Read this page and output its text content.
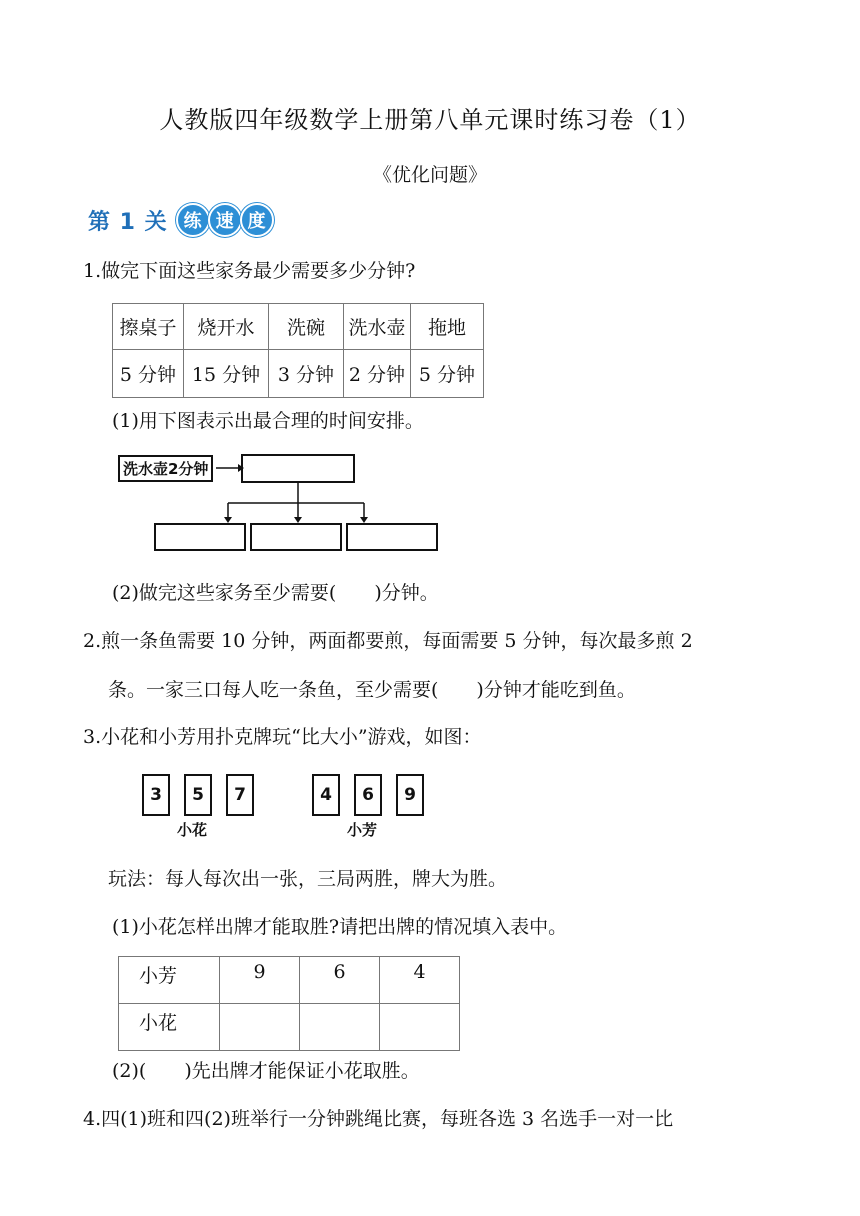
人教版四年级数学上册第八单元课时练习卷（1）
《优化问题》
第 1 关 练 速 度
1.做完下面这些家务最少需要多少分钟?
擦桌子	烧开水	洗碗	洗水壶	拖地
5 分钟	15 分钟	3 分钟	2 分钟	5 分钟
(1)用下图表示出最合理的时间安排。
洗水壶2分钟
(2)做完这些家务至少需要(　　)分钟。
2.煎一条鱼需要 10 分钟，两面都要煎，每面需要 5 分钟，每次最多煎 2
条。一家三口每人吃一条鱼，至少需要(　　)分钟才能吃到鱼。
3.小花和小芳用扑克牌玩“比大小”游戏，如图：
3	5	7
小花
4	6	9
小芳
玩法：每人每次出一张，三局两胜，牌大为胜。
(1)小花怎样出牌才能取胜?请把出牌的情况填入表中。
小芳	9	6	4
小花			
(2)(　　)先出牌才能保证小花取胜。
4.四(1)班和四(2)班举行一分钟跳绳比赛，每班各选 3 名选手一对一比
